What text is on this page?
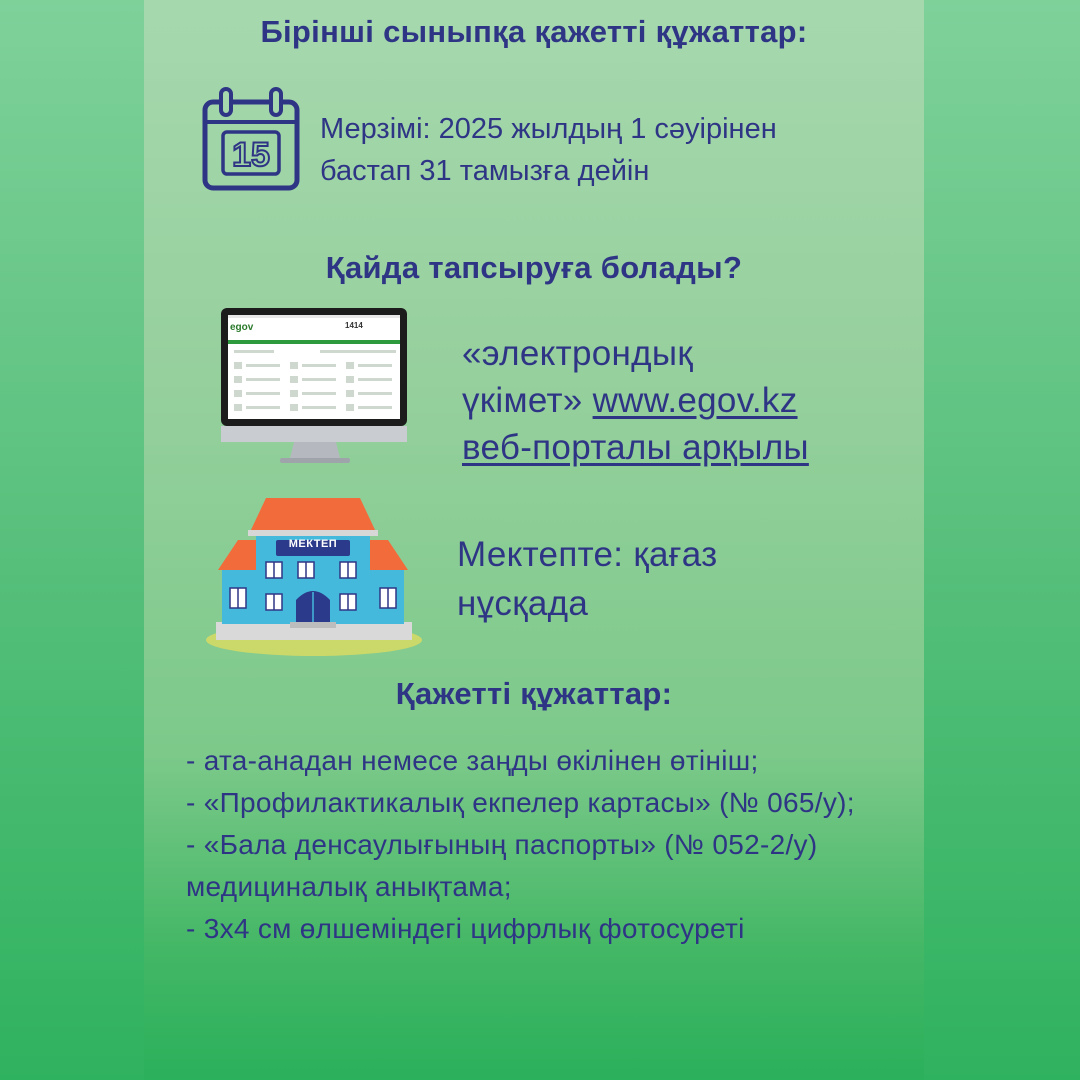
Бірінші сыныпқа қажетті құжаттар:
15
Мерзімі: 2025 жылдың 1 сәуірінен
бастап 31 тамызға дейін
Қайда тапсыруға болады?
egov	1414
«электрондық
үкімет» www.egov.kz
веб-порталы арқылы
МЕКТЕП	Мектепте: қағаз
нұсқада
Қажетті құжаттар:
- ата-анадан немесе заңды өкілінен өтініш;
- «Профилактикалық екпелер картасы» (№ 065/у);
- «Бала денсаулығының паспорты» (№ 052-2/у) медициналық анықтама;
- 3х4 см өлшеміндегі цифрлық фотосуреті
